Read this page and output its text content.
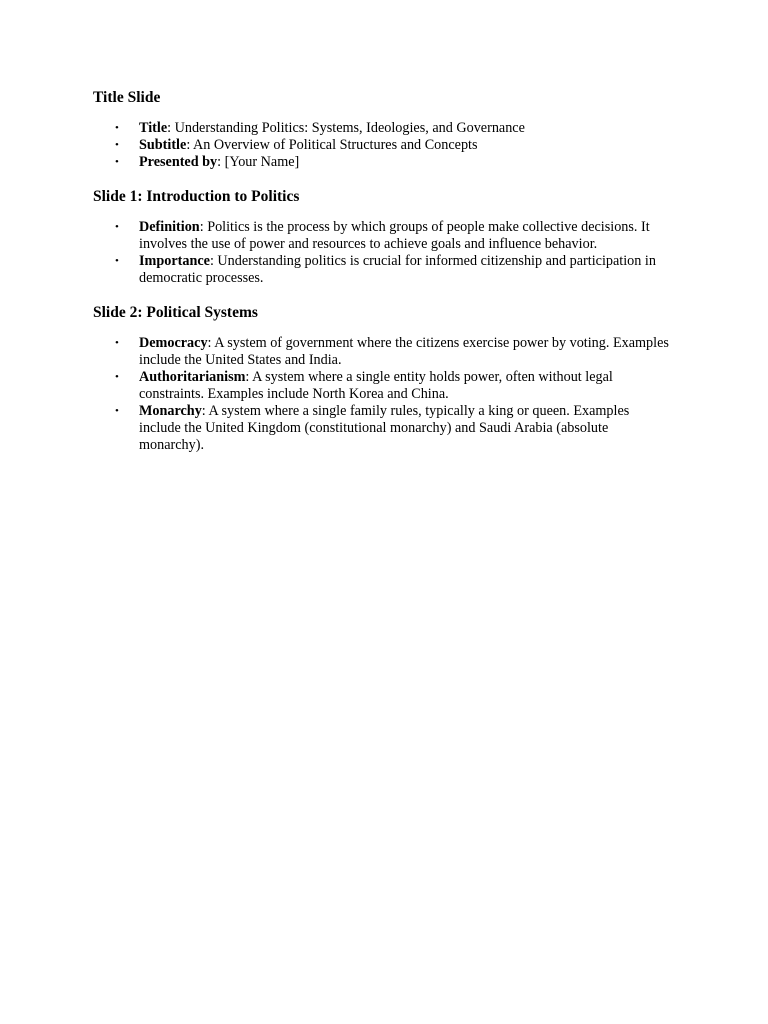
Title Slide
• Title: Understanding Politics: Systems, Ideologies, and Governance
• Subtitle: An Overview of Political Structures and Concepts
• Presented by: [Your Name]
Slide 1: Introduction to Politics
• Definition: Politics is the process by which groups of people make collective decisions. It involves the use of power and resources to achieve goals and influence behavior.
• Importance: Understanding politics is crucial for informed citizenship and participation in democratic processes.
Slide 2: Political Systems
• Democracy: A system of government where the citizens exercise power by voting. Examples include the United States and India.
• Authoritarianism: A system where a single entity holds power, often without legal constraints. Examples include North Korea and China.
• Monarchy: A system where a single family rules, typically a king or queen. Examples include the United Kingdom (constitutional monarchy) and Saudi Arabia (absolute monarchy).
